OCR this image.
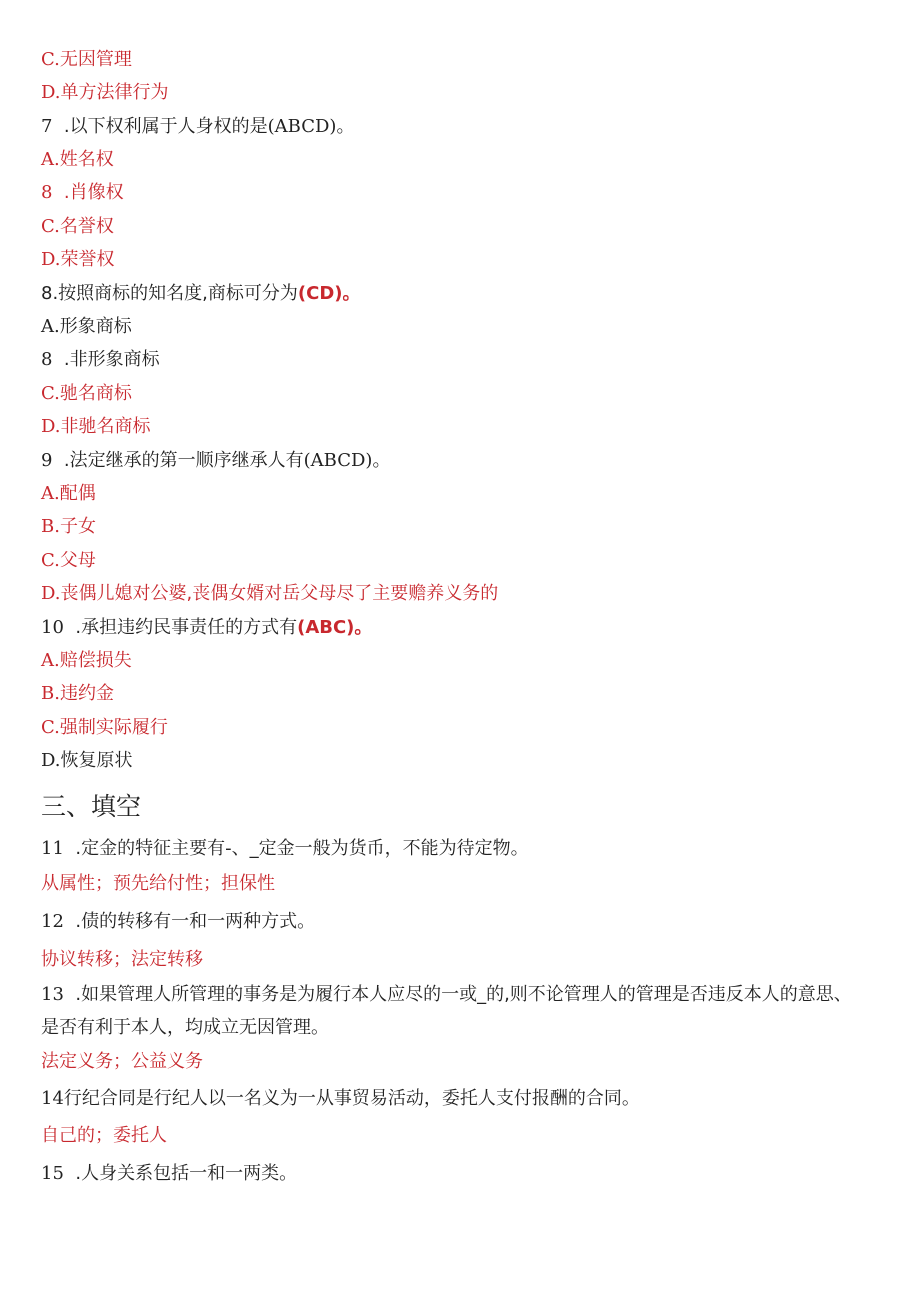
C.无因管理
D.单方法律行为
7 .以下权利属于人身权的是(ABCD)。
A.姓名权
8 .肖像权
C.名誉权
D.荣誉权
8.按照商标的知名度,商标可分为(CD)。
A.形象商标
8 .非形象商标
C.驰名商标
D.非驰名商标
9 .法定继承的第一顺序继承人有(ABCD)。
A.配偶
B.子女
C.父母
D.丧偶儿媳对公婆,丧偶女婿对岳父母尽了主要赡养义务的
10 .承担违约民事责任的方式有(ABC)。
A.赔偿损失
B.违约金
C.强制实际履行
D.恢复原状
三、填空
11 .定金的特征主要有-、_定金一般为货币，不能为待定物。
从属性；预先给付性；担保性
12 .债的转移有一和一两种方式。
协议转移；法定转移
13 .如果管理人所管理的事务是为履行本人应尽的一或_的,则不论管理人的管理是否违反本人的意思、
是否有利于本人，均成立无因管理。
法定义务；公益义务
14行纪合同是行纪人以一名义为一从事贸易活动，委托人支付报酬的合同。
自己的；委托人
15 .人身关系包括一和一两类。
